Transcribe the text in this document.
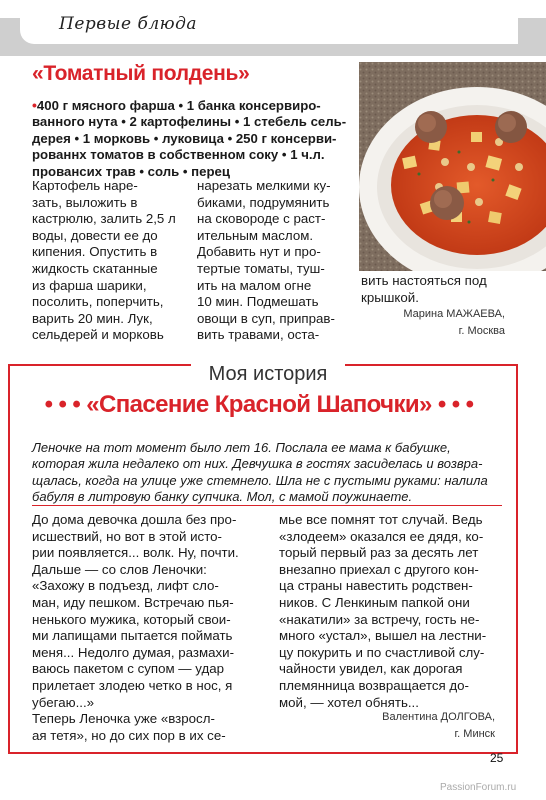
Первые блюда
«Томатный полдень»
•400 г мясного фарша • 1 банка консервиро-
ванного нута • 2 картофелины • 1 стебель сель-
дерея • 1 морковь • луковица • 250 г консерви-
рованнх томатов в собственном соку • 1 ч.л.
провансих трав • соль • перец
Картофель наре-
зать, выложить в
кастрюлю, залить 2,5 л
воды, довести ее до
кипения. Опустить в
жидкость скатанные
из фарша шарики,
посолить, поперчить,
варить 20 мин. Лук,
сельдерей и морковь
нарезать мелкими ку-
биками, подрумянить
на сковороде с раст-
ительным маслом.
Добавить нут и про-
тертые томаты, туш-
ить на малом огне
10 мин. Подмешать
овощи в суп, приправ-
вить травами, оста-
вить настояться под
крышкой.
Марина МАЖАЕВА,
г. Москва
Моя история
• • • «Спасение Красной Шапочки» • • •
Леночке на тот момент было лет 16. Послала ее мама к бабушке,
которая жила недалеко от них. Девчушка в гостях засиделась и возвра-
щалась, когда на улице уже стемнело. Шла не с пустыми руками: налила
бабуля в литровую банку супчика. Мол, с мамой поужинаете.
До дома девочка дошла без про-
исшествий, но вот в этой исто-
рии появляется... волк. Ну, почти.
Дальше — со слов Леночки:
«Захожу в подъезд, лифт сло-
ман, иду пешком. Встречаю пья-
ненького мужика, который свои-
ми лапищами пытается поймать
меня... Недолго думая, размахи-
ваюсь пакетом с супом — удар
прилетает злодею четко в нос, я
убегаю...»
Теперь Леночка уже «взросл-
ая тетя», но до сих пор в их се-
мье все помнят тот случай. Ведь
«злодеем» оказался ее дядя, ко-
торый первый раз за десять лет
внезапно приехал с другого кон-
ца страны навестить родствен-
ников. С Ленкиным папкой они
«накатили» за встречу, гость не-
много «устал», вышел на лестни-
цу покурить и по счастливой слу-
чайности увидел, как дорогая
племянница возвращается до-
мой, — хотел обнять...
Валентина ДОЛГОВА,
г. Минск
25
PassionForum.ru
